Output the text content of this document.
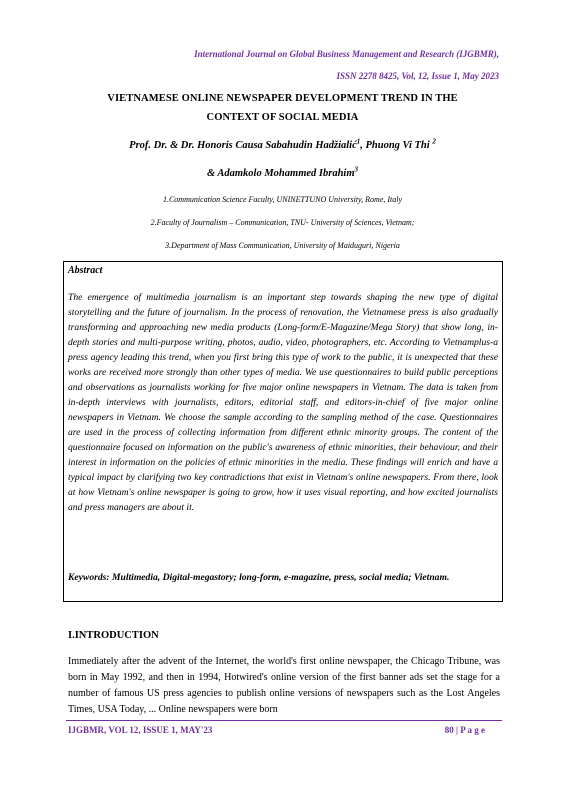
International Journal on Global Business Management and Research (IJGBMR),
ISSN 2278 8425, Vol, 12, Issue 1, May 2023
VIETNAMESE ONLINE NEWSPAPER DEVELOPMENT TREND IN THE
CONTEXT OF SOCIAL MEDIA
Prof. Dr. & Dr. Honoris Causa Sabahudin Hadžialić$^1$, Phuong Vi Thi $^2$
& Adamkolo Mohammed Ibrahim$^3$
1.Communication Science Faculty, UNINETTUNO University, Rome, Italy
2.Faculty of Journalism – Communication, TNU- University of Sciences, Vietnam;
3.Department of Mass Communication, University of Maiduguri, Nigeria
Abstract
The emergence of multimedia journalism is an important step towards shaping the new type of digital storytelling and the future of journalism. In the process of renovation, the Vietnamese press is also gradually transforming and approaching new media products (Long-form/E-Magazine/Mega Story) that show long, in-depth stories and multi-purpose writing, photos, audio, video, photographers, etc. According to Vietnamplus-a press agency leading this trend, when you first bring this type of work to the public, it is unexpected that these works are received more strongly than other types of media. We use questionnaires to build public perceptions and observations as journalists working for five major online newspapers in Vietnam. The data is taken from in-depth interviews with journalists, editors, editorial staff, and editors-in-chief of five major online newspapers in Vietnam. We choose the sample according to the sampling method of the case. Questionnaires are used in the process of collecting information from different ethnic minority groups. The content of the questionnaire focused on information on the public's awareness of ethnic minorities, their behaviour, and their interest in information on the policies of ethnic minorities in the media. These findings will enrich and have a typical impact by clarifying two key contradictions that exist in Vietnam's online newspapers. From there, look at how Vietnam's online newspaper is going to grow, how it uses visual reporting, and how excited journalists and press managers are about it.
Keywords: Multimedia, Digital-megastory; long-form, e-magazine, press, social media; Vietnam.
I.INTRODUCTION
Immediately after the advent of the Internet, the world's first online newspaper, the Chicago Tribune, was born in May 1992, and then in 1994, Hotwired's online version of the first banner ads set the stage for a number of famous US press agencies to publish online versions of newspapers such as the Lost Angeles Times, USA Today, ... Online newspapers were born
IJGBMR, VOL 12, ISSUE 1, MAY'23	80 | P a g e
